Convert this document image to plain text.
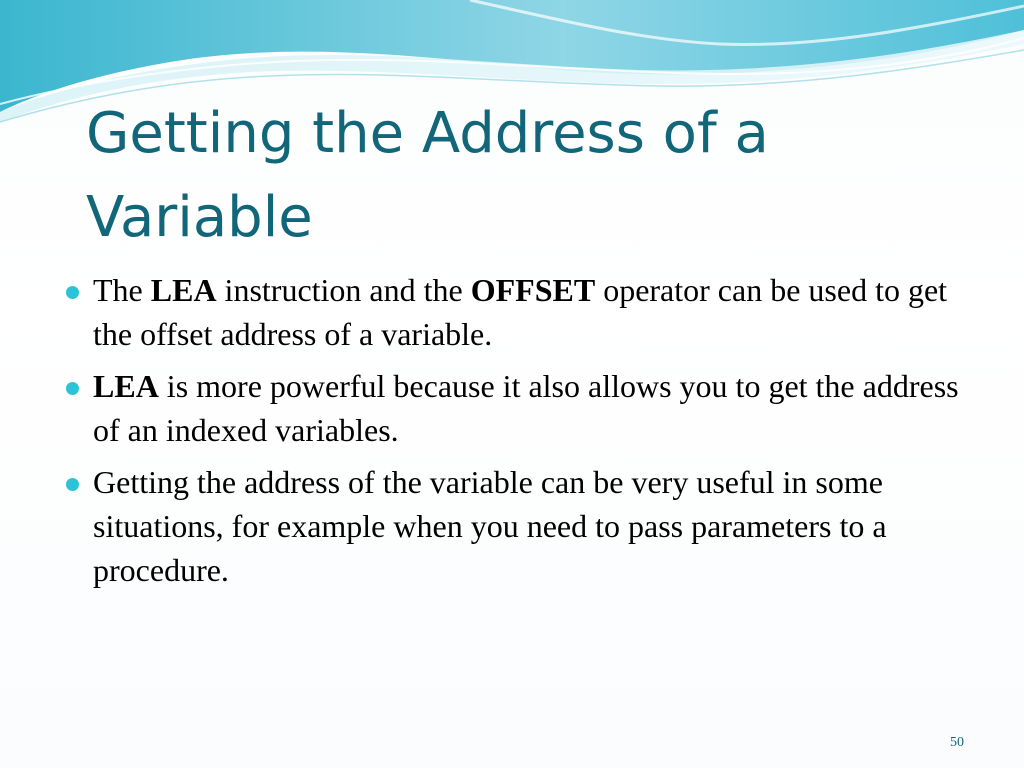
Getting the Address of a Variable
The LEA instruction and the OFFSET operator can be used to get the offset address of a variable.
LEA is more powerful because it also allows you to get the address of an indexed variables.
Getting the address of the variable can be very useful in some situations, for example when you need to pass parameters to a procedure.
50
